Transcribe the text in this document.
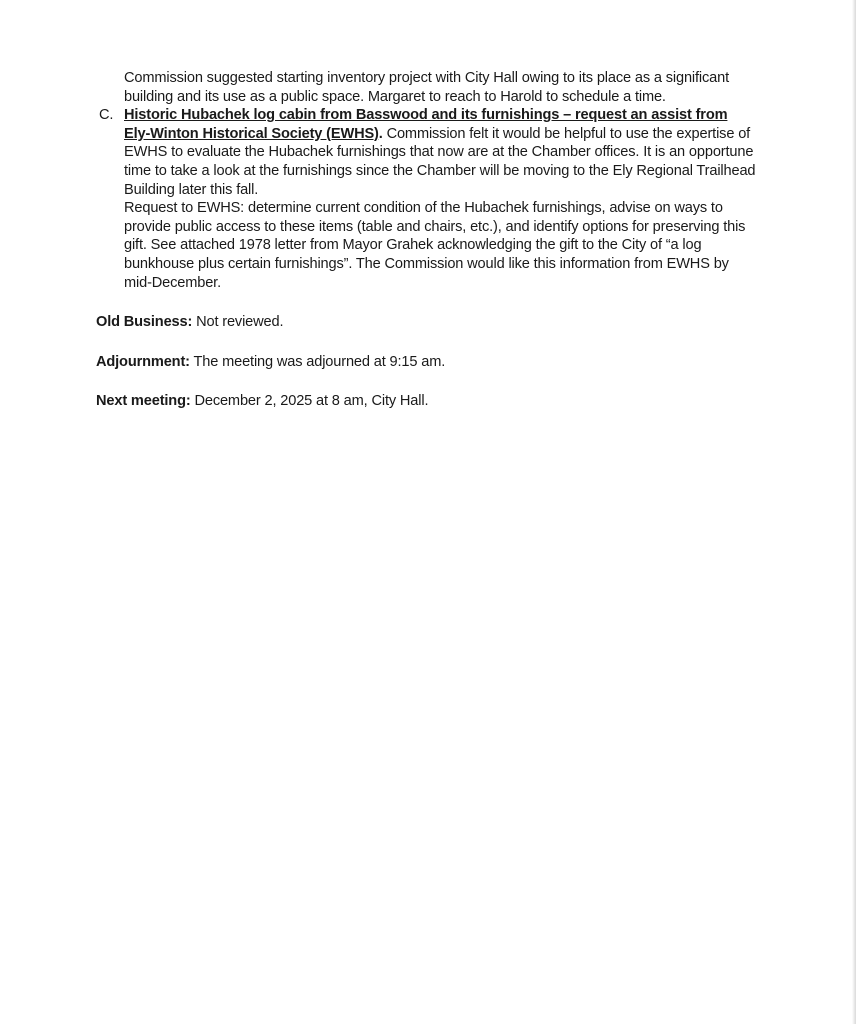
Commission suggested starting inventory project with City Hall owing to its place as a significant building and its use as a public space. Margaret to reach to Harold to schedule a time.
C. Historic Hubachek log cabin from Basswood and its furnishings – request an assist from Ely-Winton Historical Society (EWHS). Commission felt it would be helpful to use the expertise of EWHS to evaluate the Hubachek furnishings that now are at the Chamber offices. It is an opportune time to take a look at the furnishings since the Chamber will be moving to the Ely Regional Trailhead Building later this fall.
Request to EWHS: determine current condition of the Hubachek furnishings, advise on ways to provide public access to these items (table and chairs, etc.), and identify options for preserving this gift. See attached 1978 letter from Mayor Grahek acknowledging the gift to the City of “a log bunkhouse plus certain furnishings”. The Commission would like this information from EWHS by mid-December.
Old Business: Not reviewed.
Adjournment: The meeting was adjourned at 9:15 am.
Next meeting: December 2, 2025 at 8 am, City Hall.
